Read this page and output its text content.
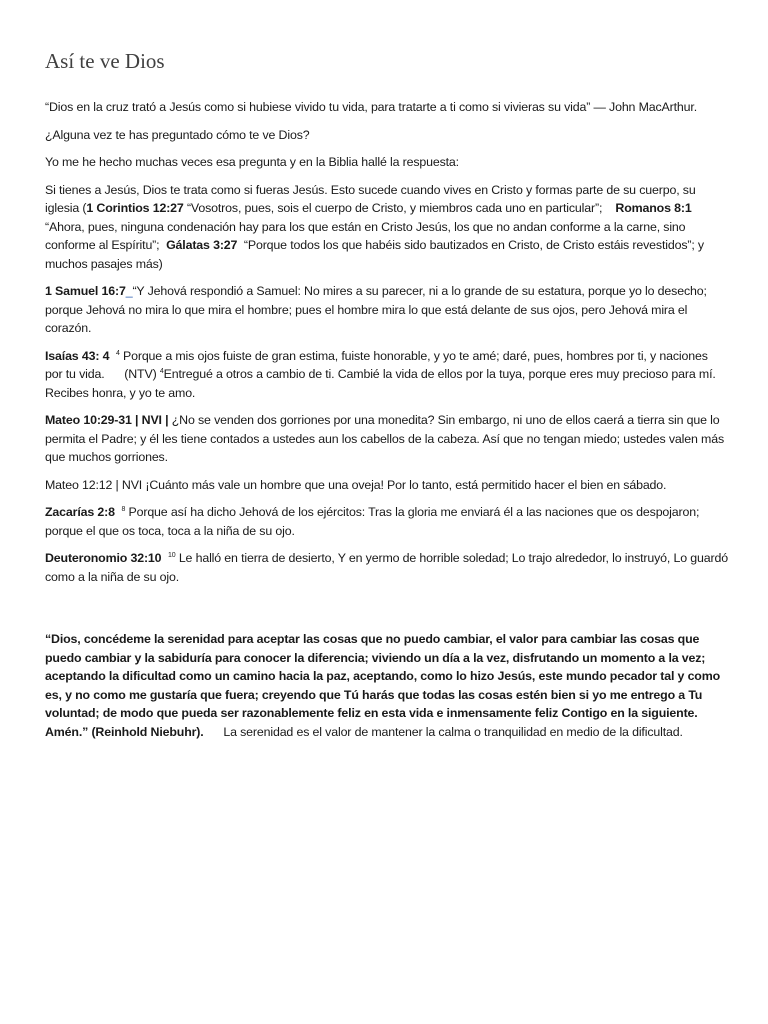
Así te ve Dios

“Dios en la cruz trató a Jesús como si hubiese vivido tu vida, para tratarte a ti como si vivieras su vida” — John MacArthur.

¿Alguna vez te has preguntado cómo te ve Dios?

Yo me he hecho muchas veces esa pregunta y en la Biblia hallé la respuesta:

Si tienes a Jesús, Dios te trata como si fueras Jesús. Esto sucede cuando vives en Cristo y formas parte de su cuerpo, su iglesia (1 Corintios 12:27 “Vosotros, pues, sois el cuerpo de Cristo, y miembros cada uno en particular”; Romanos 8:1 “Ahora, pues, ninguna condenación hay para los que están en Cristo Jesús, los que no andan conforme a la carne, sino conforme al Espíritu”; Gálatas 3:27  “Porque todos los que habéis sido bautizados en Cristo, de Cristo estáis revestidos”; y muchos pasajes más)

1 Samuel 16:7_“Y Jehová respondió a Samuel: No mires a su parecer, ni a lo grande de su estatura, porque yo lo desecho; porque Jehová no mira lo que mira el hombre; pues el hombre mira lo que está delante de sus ojos, pero Jehová mira el corazón.

Isaías 43: 4 $^4$ Porque a mis ojos fuiste de gran estima, fuiste honorable, y yo te amé; daré, pues, hombres por ti, y naciones por tu vida. (NTV) $^4$Entregué a otros a cambio de ti. Cambié la vida de ellos por la tuya, porque eres muy precioso para mí. Recibes honra, y yo te amo.

Mateo 10:29-31 | NVI | ¿No se venden dos gorriones por una monedita? Sin embargo, ni uno de ellos caerá a tierra sin que lo permita el Padre; y él les tiene contados a ustedes aun los cabellos de la cabeza. Así que no tengan miedo; ustedes valen más que muchos gorriones.

Mateo 12:12 | NVI ¡Cuánto más vale un hombre que una oveja! Por lo tanto, está permitido hacer el bien en sábado.

Zacarías 2:8 $^8$ Porque así ha dicho Jehová de los ejércitos: Tras la gloria me enviará él a las naciones que os despojaron; porque el que os toca, toca a la niña de su ojo.

Deuteronomio 32:10 $^{10}$ Le halló en tierra de desierto, Y en yermo de horrible soledad; Lo trajo alrededor, lo instruyó, Lo guardó como a la niña de su ojo.

“Dios, concédeme la serenidad para aceptar las cosas que no puedo cambiar, el valor para cambiar las cosas que puedo cambiar y la sabiduría para conocer la diferencia; viviendo un día a la vez, disfrutando un momento a la vez; aceptando la dificultad como un camino hacia la paz, aceptando, como lo hizo Jesús, este mundo pecador tal y como es, y no como me gustaría que fuera; creyendo que Tú harás que todas las cosas estén bien si yo me entrego a Tu voluntad; de modo que pueda ser razonablemente feliz en esta vida e inmensamente feliz Contigo en la siguiente. Amén.” (Reinhold Niebuhr). La serenidad es el valor de mantener la calma o tranquilidad en medio de la dificultad.
